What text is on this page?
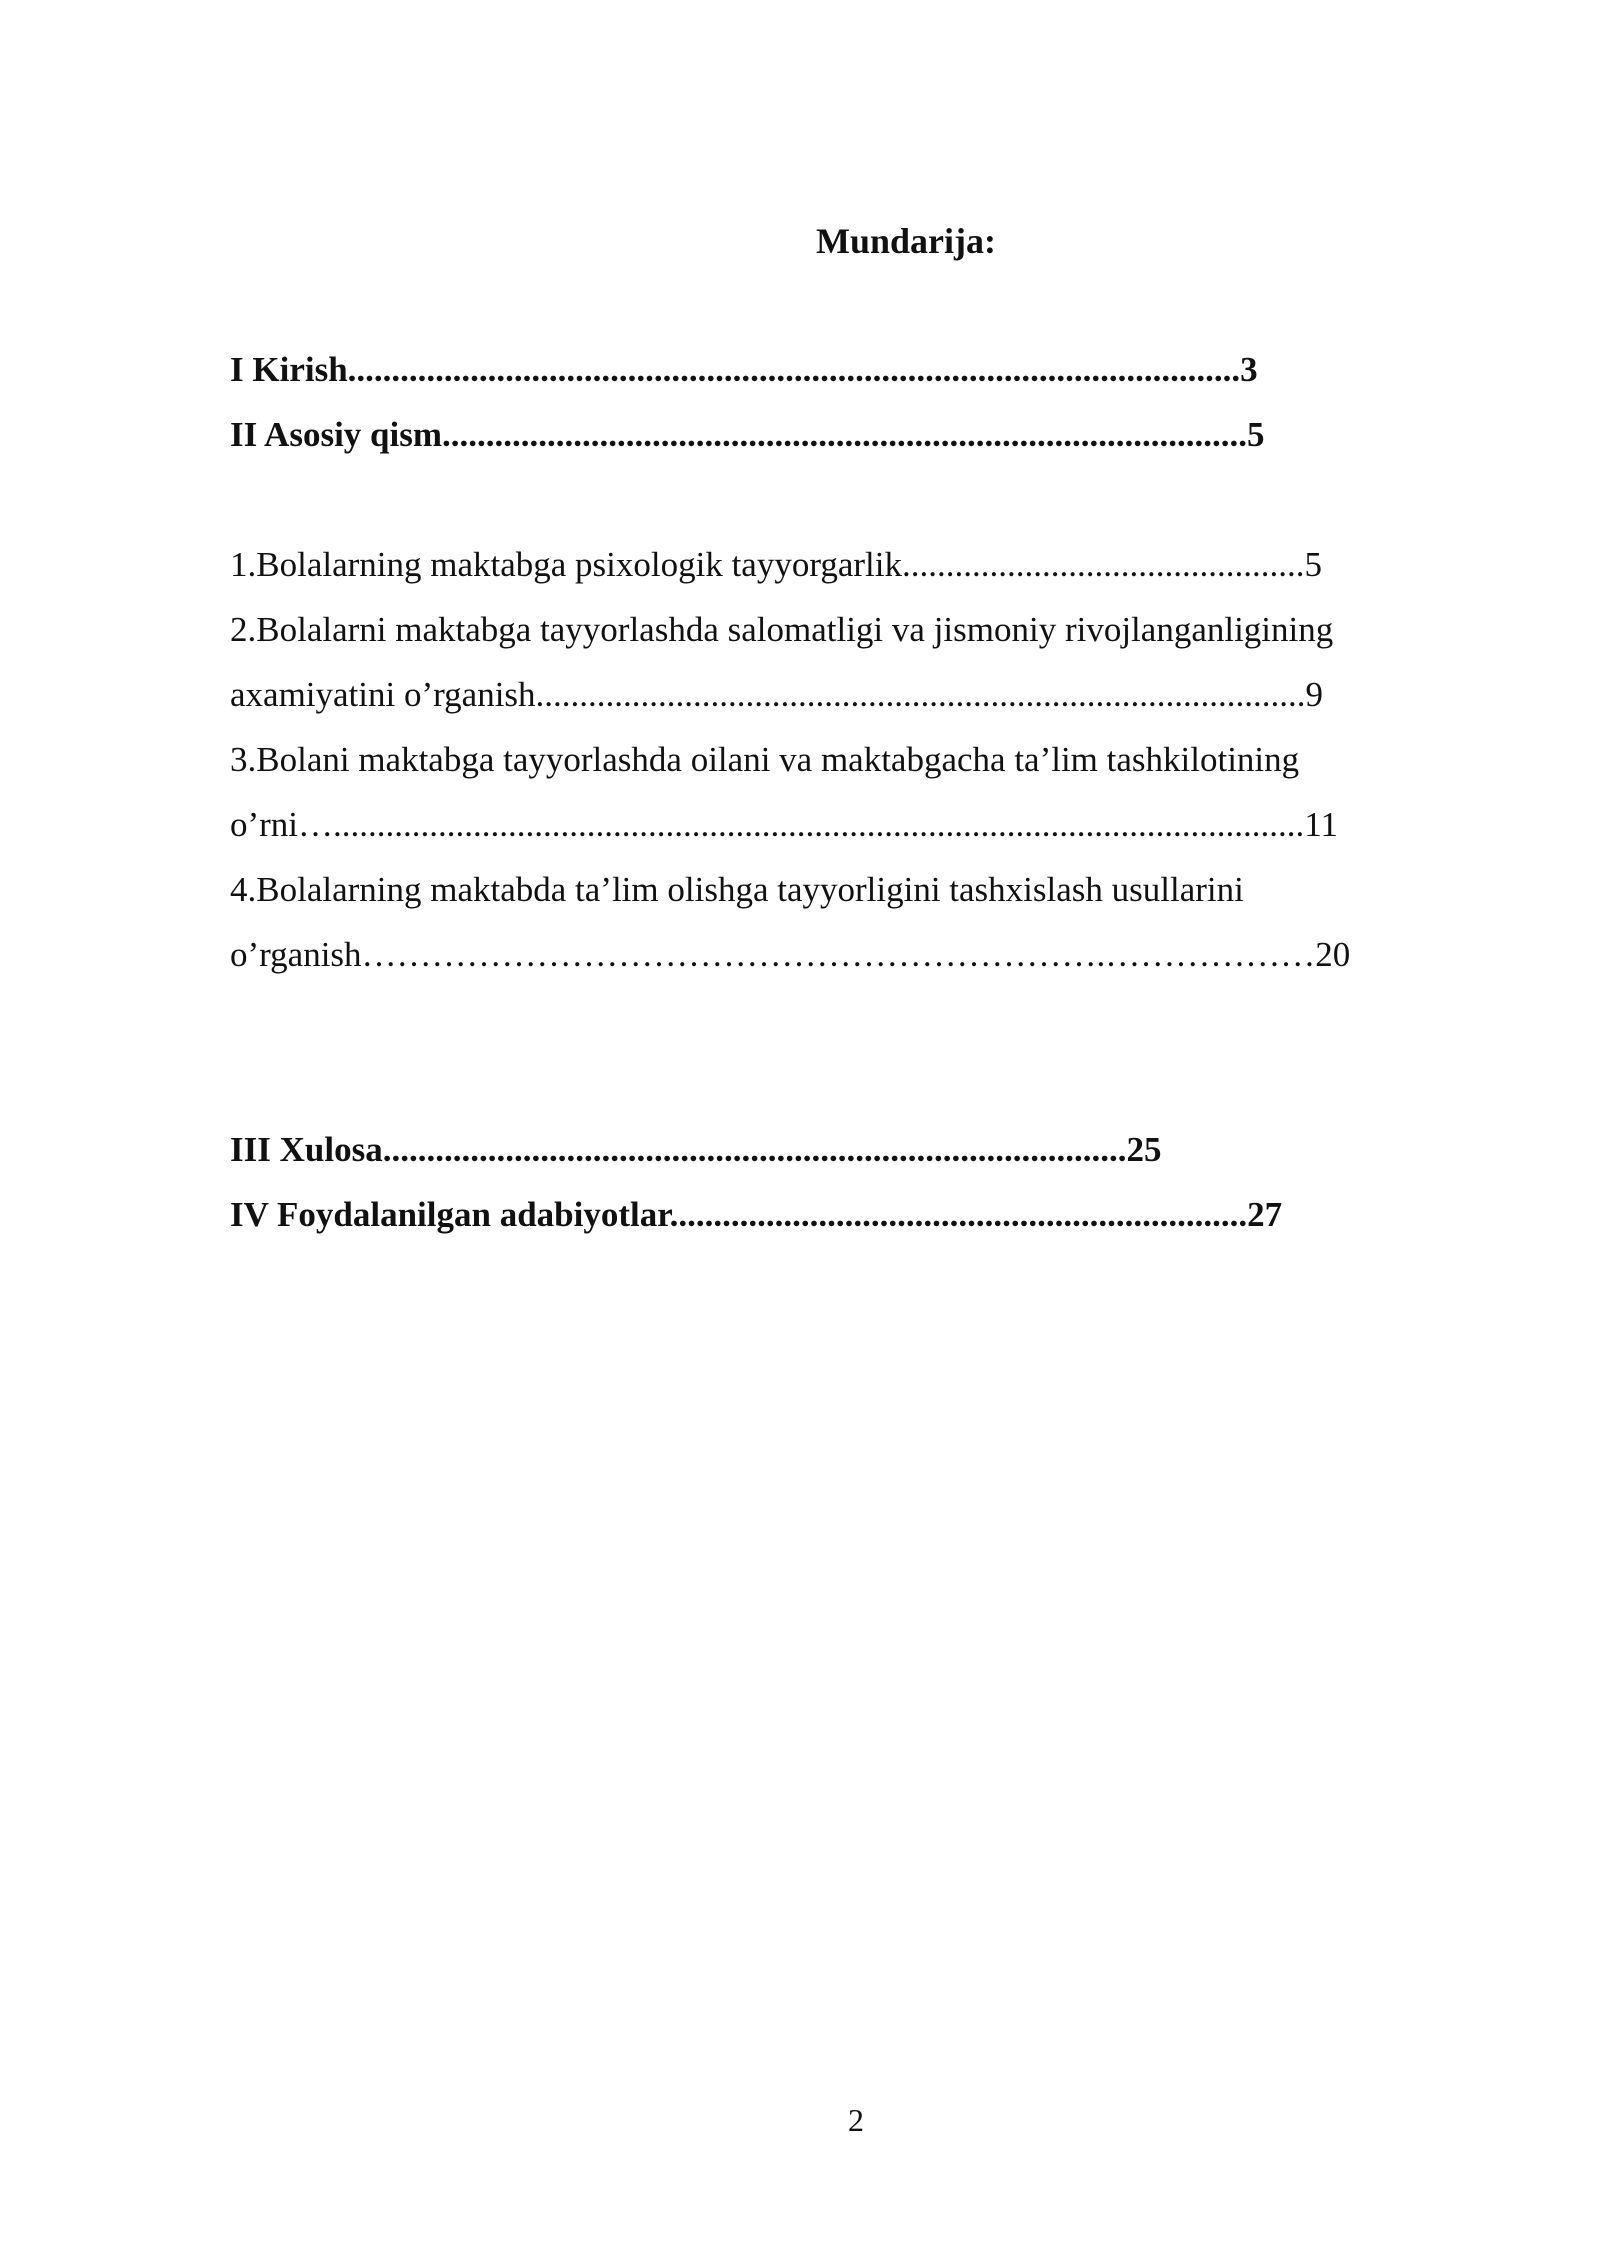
Mundarija:
I Kirish......................................................................................................3
II Asosiy qism............................................................................................5
1.Bolalarning maktabga psixologik tayyorgarlik..............................................5
2.Bolalarni maktabga tayyorlashda salomatligi va jismoniy rivojlanganligining
axamiyatini o’rganish........................................................................................9
3.Bolani maktabga tayyorlashda oilani va maktabgacha ta’lim tashkilotining
o’rni…...............................................................................................................11
4.Bolalarning maktabda ta’lim olishga tayyorligini tashxislash usullarini
o’rganish……………………………………………………….………………20
III Xulosa.....................................................................................25
IV Foydalanilgan adabiyotlar..................................................................27
2
